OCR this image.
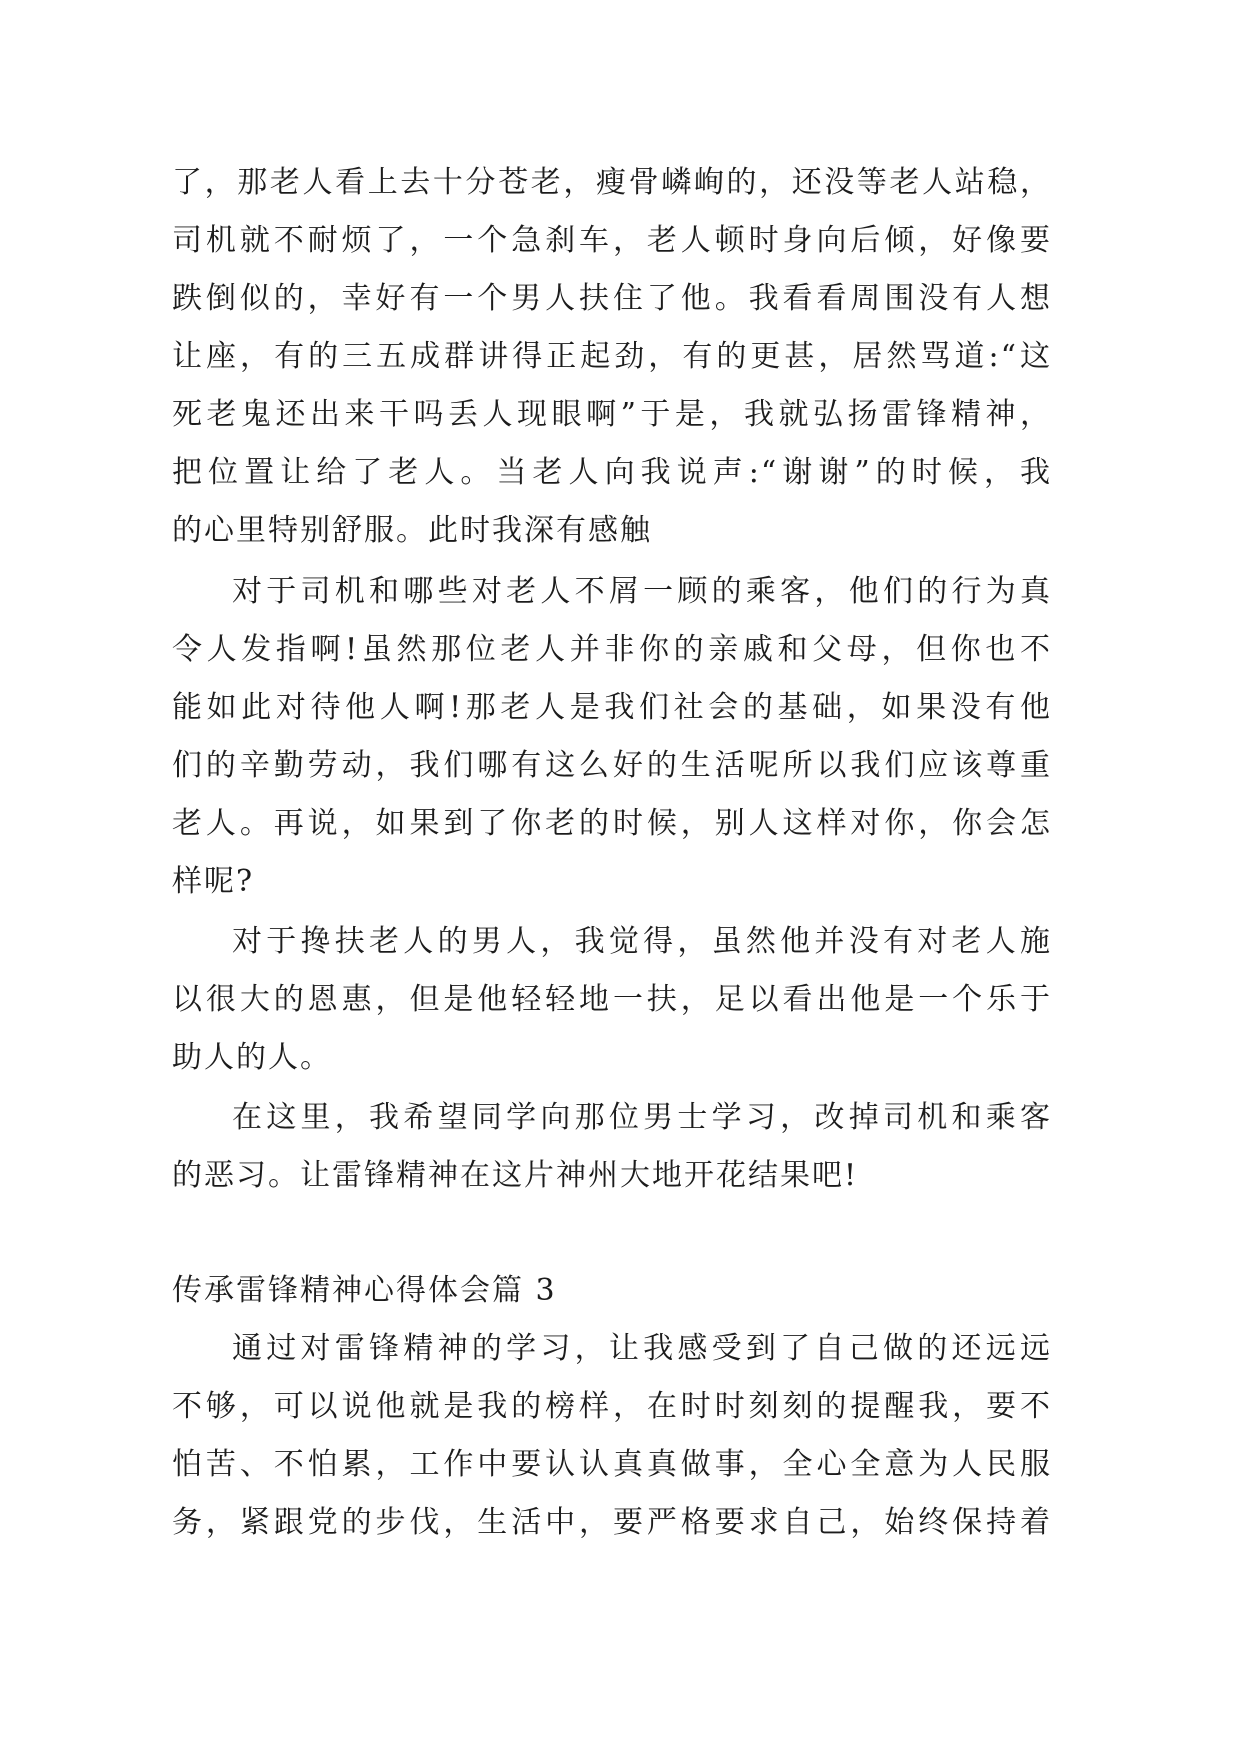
了，那老人看上去十分苍老，瘦骨嶙峋的，还没等老人站稳，
司机就不耐烦了，一个急刹车，老人顿时身向后倾，好像要
跌倒似的，幸好有一个男人扶住了他。我看看周围没有人想
让座，有的三五成群讲得正起劲，有的更甚，居然骂道:“这
死老鬼还出来干吗丢人现眼啊”于是，我就弘扬雷锋精神，
把位置让给了老人。当老人向我说声:“谢谢”的时候，我
的心里特别舒服。此时我深有感触

对于司机和哪些对老人不屑一顾的乘客，他们的行为真
令人发指啊!虽然那位老人并非你的亲戚和父母，但你也不
能如此对待他人啊!那老人是我们社会的基础，如果没有他
们的辛勤劳动，我们哪有这么好的生活呢所以我们应该尊重
老人。再说，如果到了你老的时候，别人这样对你，你会怎
样呢?

对于搀扶老人的男人，我觉得，虽然他并没有对老人施
以很大的恩惠，但是他轻轻地一扶，足以看出他是一个乐于
助人的人。

在这里，我希望同学向那位男士学习，改掉司机和乘客
的恶习。让雷锋精神在这片神州大地开花结果吧!

传承雷锋精神心得体会篇 3

通过对雷锋精神的学习，让我感受到了自己做的还远远
不够，可以说他就是我的榜样，在时时刻刻的提醒我，要不
怕苦、不怕累，工作中要认认真真做事，全心全意为人民服
务，紧跟党的步伐，生活中，要严格要求自己，始终保持着
